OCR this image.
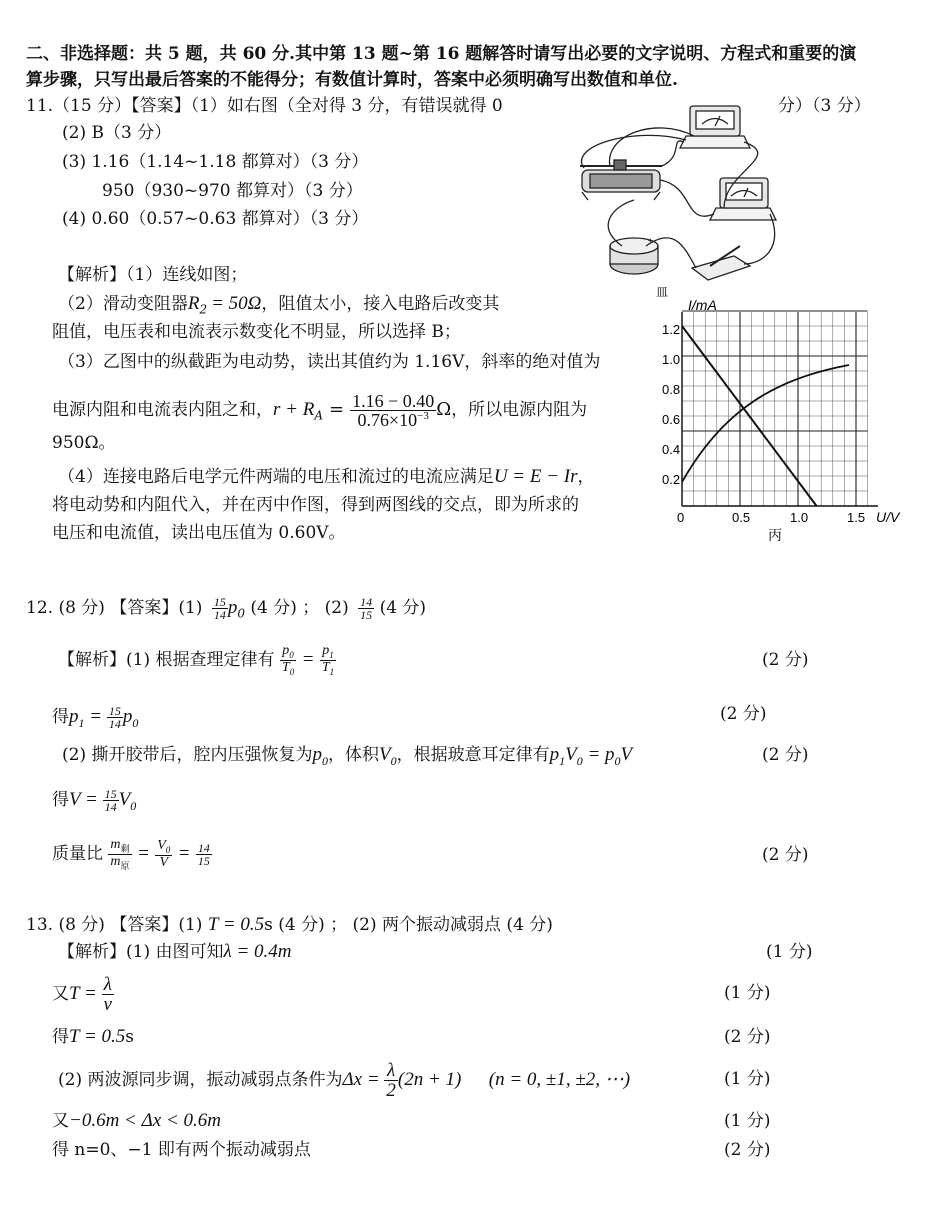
二、非选择题：共 5 题，共 60 分.其中第 13 题~第 16 题解答时请写出必要的文字说明、方程式和重要的演
算步骤，只写出最后答案的不能得分；有数值计算时，答案中必须明确写出数值和单位.
11.（15 分）【答案】（1）如右图（全对得 3 分，有错误就得 0	分）（3 分）
(2) B（3 分）
(3) 1.16（1.14~1.18 都算对）（3 分）
950（930~970 都算对）（3 分）
(4) 0.60（0.57~0.63 都算对）（3 分）
+
【解析】（1）连线如图；
（2）滑动变阻器$R_2 = 50\Omega$，阻值太小，接入电路后改变其
阻值，电压表和电流表示数变化不明显，所以选择 B；
（3）乙图中的纵截距为电动势，读出其值约为 1.16V，斜率的绝对值为
电源内阻和电流表内阻之和，$r + R_A = \frac{1.16 - 0.40}{0.76\times 10^{-3}}$ Ω，所以电源内阻为
950Ω。
（4）连接电路后电学元件两端的电压和流过的电流应满足U = E − Ir，
将电动势和内阻代入，并在丙中作图，得到两图线的交点，即为所求的
电压和电流值，读出电压值为 0.60V。
皿
I/mA
U/V
0.2
0.4
0.6
0.8
1.0
1.2
0	0.5	1.0	1.5
丙
12. (8 分) 【答案】$(1) \frac{15}{14} p_0$ (4 分) ； $(2) \frac{14}{15} (4$ 分)
【解析】(1) 根据查理定律有 $\frac{p_0}{T_0} = \frac{p_1}{T_1}$	(2 分)
得$p_1 = \frac{15}{14} p_0$	(2 分)
(2) 撕开胶带后，腔内压强恢复为$p_0$，体积$V_0$，根据玻意耳定律有$p_1V_0 = p_0V$	(2 分)
得$V = \frac{15}{14} V_0$
质量比 $\frac{m_剩}{m_原} = \frac{V_0}{V} = \frac{14}{15}$	(2 分)
13. (8 分) 【答案】(1) T = 0.5s (4 分) ； (2) 两个振动减弱点 (4 分)
【解析】(1) 由图可知λ = 0.4m	(1 分)
又$T = \frac{\lambda}{v}$	(1 分)
得T = 0.5s	(2 分)
(2) 两波源同步调，振动减弱点条件为$\Delta x = \frac{\lambda}{2} (2n + 1) (n = 0$, ±1, ±2, ⋯)	(1 分)
又−0.6m < Δx < 0.6m	(1 分)
得 n=0、−1 即有两个振动减弱点	(2 分)
